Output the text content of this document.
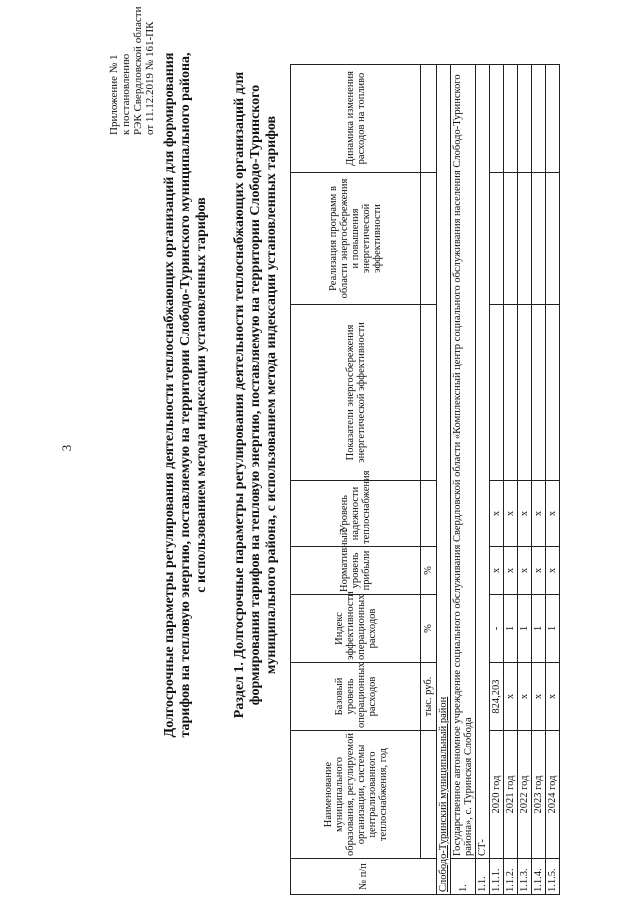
3
Приложение № 1 к постановлению РЭК Свердловской области от 11.12.2019 № 161-ПК Долгосрочные параметры регулирования деятельности теплоснабжающих организаций для формирования тарифов на тепловую энергию, поставляемую на территории Слободо-Туринского муниципального района, с использованием метода индексации установленных тарифов Раздел 1. Долгосрочные параметры регулирования деятельности теплоснабжающих организаций для формирования тарифов на тепловую энергию, поставляемую на территории Слободо-Туринского муниципального района, с использованием метода индексации установленных тарифов
№ п/п	Наименование муниципального образования, регулируемой организации, системы централизованного теплоснабжения, год	Базовый уровень операционных расходов	Индекс эффективности операционных расходов	Нормативный уровень прибыли	Уровень надежности теплоснабжения	Показатели энергосбережения энергетической эффективности	Реализация программ в области энергосбережения и повышения энергетической эффективности	Динамика изменения расходов на топливо
		тыс. руб.	%	%				
Слободо-Туринский муниципальный район								
1.	Государственное автономное учреждение социального обслуживания Свердловской области «Комплексный центр социального обслуживания населения Слободо-Туринского района», с. Туринская Слобода							
1.1.	СТ-							
1.1.1.	2020 год	824,203	-	х	х			
1.1.2.	2021 год	х	1	х	х			
1.1.3.	2022 год	х	1	х	х			
1.1.4.	2023 год	х	1	х	х			
1.1.5.	2024 год	х	1	х	х			
